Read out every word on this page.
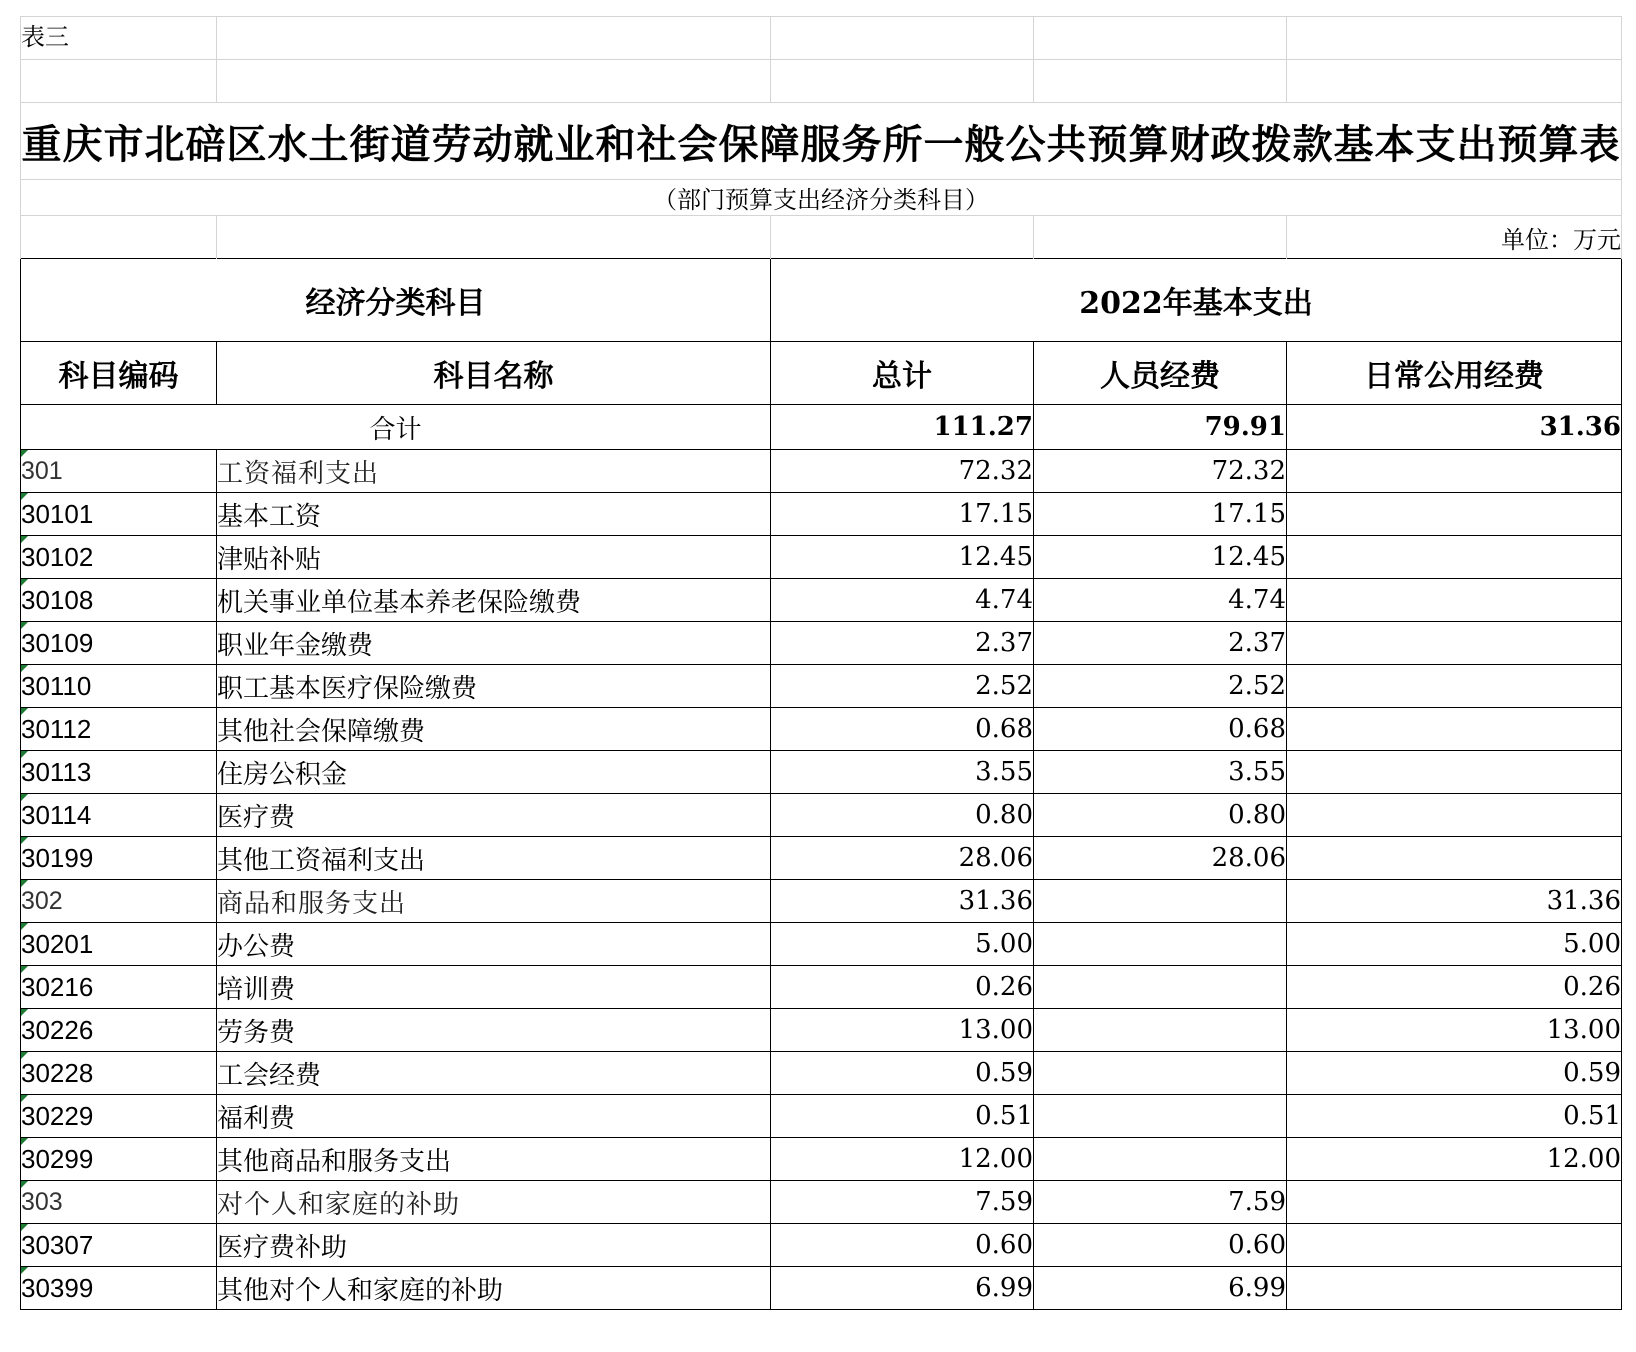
表三				

重庆市北碚区水土街道劳动就业和社会保障服务所一般公共预算财政拨款基本支出预算表				
（部门预算支出经济分类科目）				
				单位：万元
经济分类科目		2022年基本支出		
科目编码	科目名称	总计	人员经费	日常公用经费
合计		111.27	79.91	31.36
301	工资福利支出	72.32	72.32	
30101	基本工资	17.15	17.15	
30102	津贴补贴	12.45	12.45	
30108	机关事业单位基本养老保险缴费	4.74	4.74	
30109	职业年金缴费	2.37	2.37	
30110	职工基本医疗保险缴费	2.52	2.52	
30112	其他社会保障缴费	0.68	0.68	
30113	住房公积金	3.55	3.55	
30114	医疗费	0.80	0.80	
30199	其他工资福利支出	28.06	28.06	
302	商品和服务支出	31.36		31.36
30201	办公费	5.00		5.00
30216	培训费	0.26		0.26
30226	劳务费	13.00		13.00
30228	工会经费	0.59		0.59
30229	福利费	0.51		0.51
30299	其他商品和服务支出	12.00		12.00
303	对个人和家庭的补助	7.59	7.59	
30307	医疗费补助	0.60	0.60	
30399	其他对个人和家庭的补助	6.99	6.99	
